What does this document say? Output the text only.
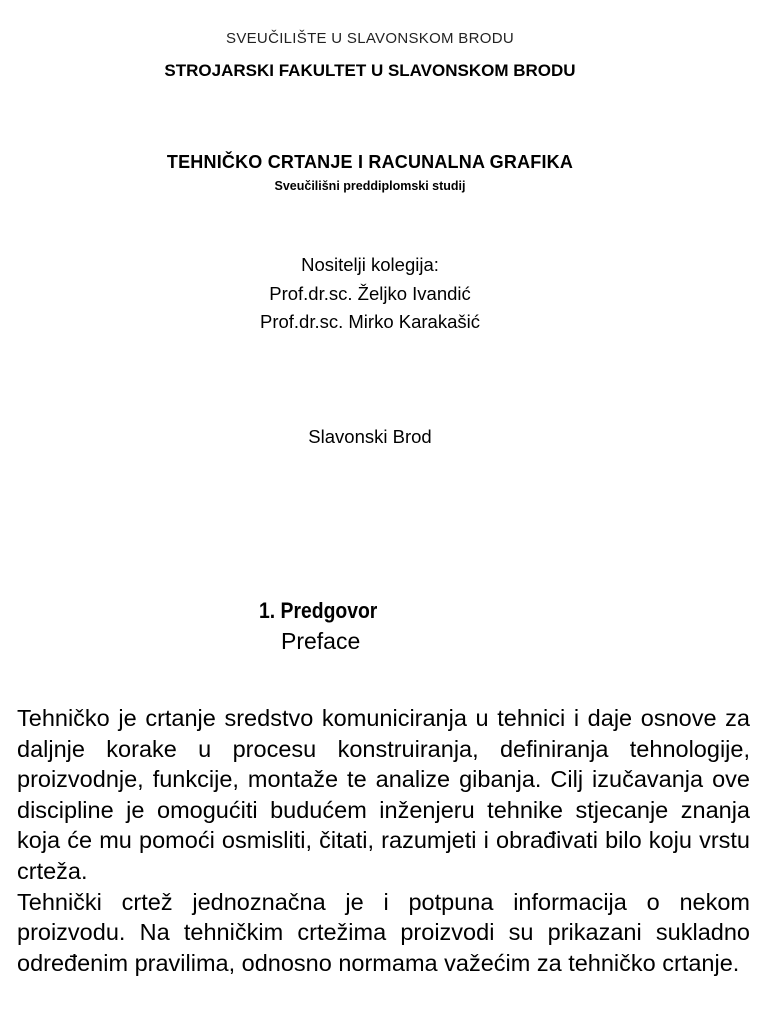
SVEUČILIŠTE U SLAVONSKOM BRODU
STROJARSKI FAKULTET U SLAVONSKOM BRODU
TEHNIČKO CRTANJE I RACUNALNA GRAFIKA
Sveučilišni preddiplomski studij
Nositelji kolegija:
Prof.dr.sc. Željko Ivandić
Prof.dr.sc. Mirko Karakašić
Slavonski Brod
1. Predgovor
Preface

Tehničko je crtanje sredstvo komuniciranja u tehnici i daje osnove za daljnje korake u procesu konstruiranja, definiranja tehnologije, proizvodnje, funkcije, montaže te analize gibanja. Cilj izučavanja ove discipline je omogućiti budućem inženjeru tehnike stjecanje znanja koja će mu pomoći osmisliti, čitati, razumjeti i obrađivati bilo koju vrstu crteža.

Tehnički crtež jednoznačna je i potpuna informacija o nekom proizvodu. Na tehničkim crtežima proizvodi su prikazani sukladno određenim pravilima, odnosno normama važećim za tehničko crtanje.
